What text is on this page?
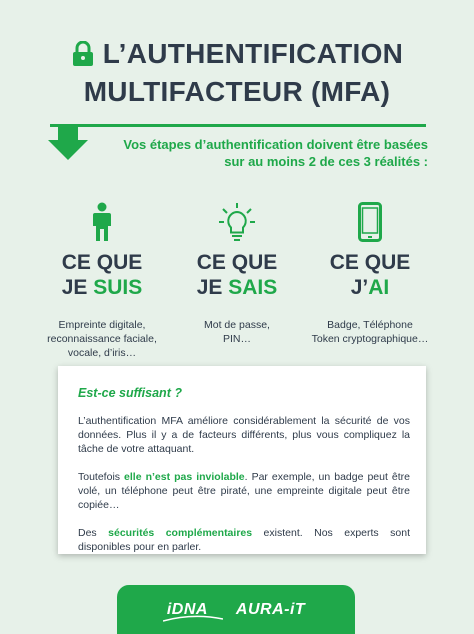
L’AUTHENTIFICATION
MULTIFACTEUR (MFA)
Vos étapes d’authentification doivent être basées
sur au moins 2 de ces 3 réalités :
CE QUE
JE SUIS
Empreinte digitale,
reconnaissance faciale,
vocale, d’iris…
CE QUE
JE SAIS
Mot de passe,
PIN…
CE QUE
J’AI
Badge, Téléphone
Token cryptographique…
Est-ce suffisant ?

L’authentification MFA améliore considérablement la sécurité de vos données. Plus il y a de facteurs différents, plus vous compliquez la tâche de votre attaquant.

Toutefois elle n’est pas inviolable. Par exemple, un badge peut être volé, un téléphone peut être piraté, une empreinte digitale peut être copiée…

Des sécurités complémentaires existent. Nos experts sont disponibles pour en parler.

iDNA AURA-iT
